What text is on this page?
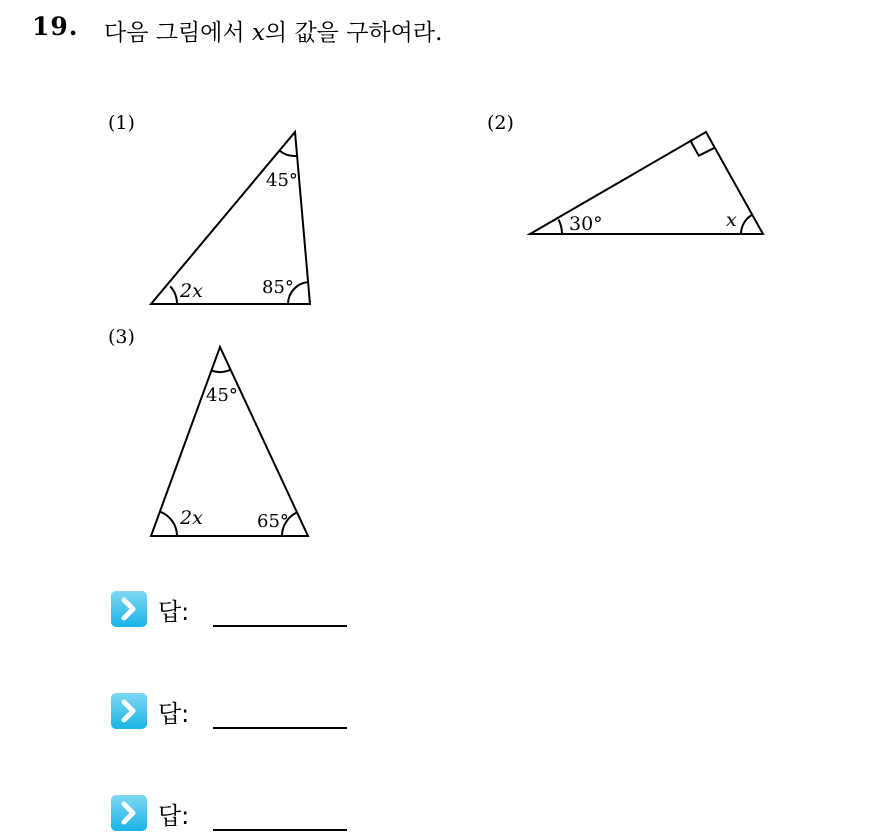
19. 다음 그림에서 x의 값을 구하여라.
(1)	(2)
(3)
45°
2x	85°
30°	x
45°
2x	65°
답:
답:
답:
